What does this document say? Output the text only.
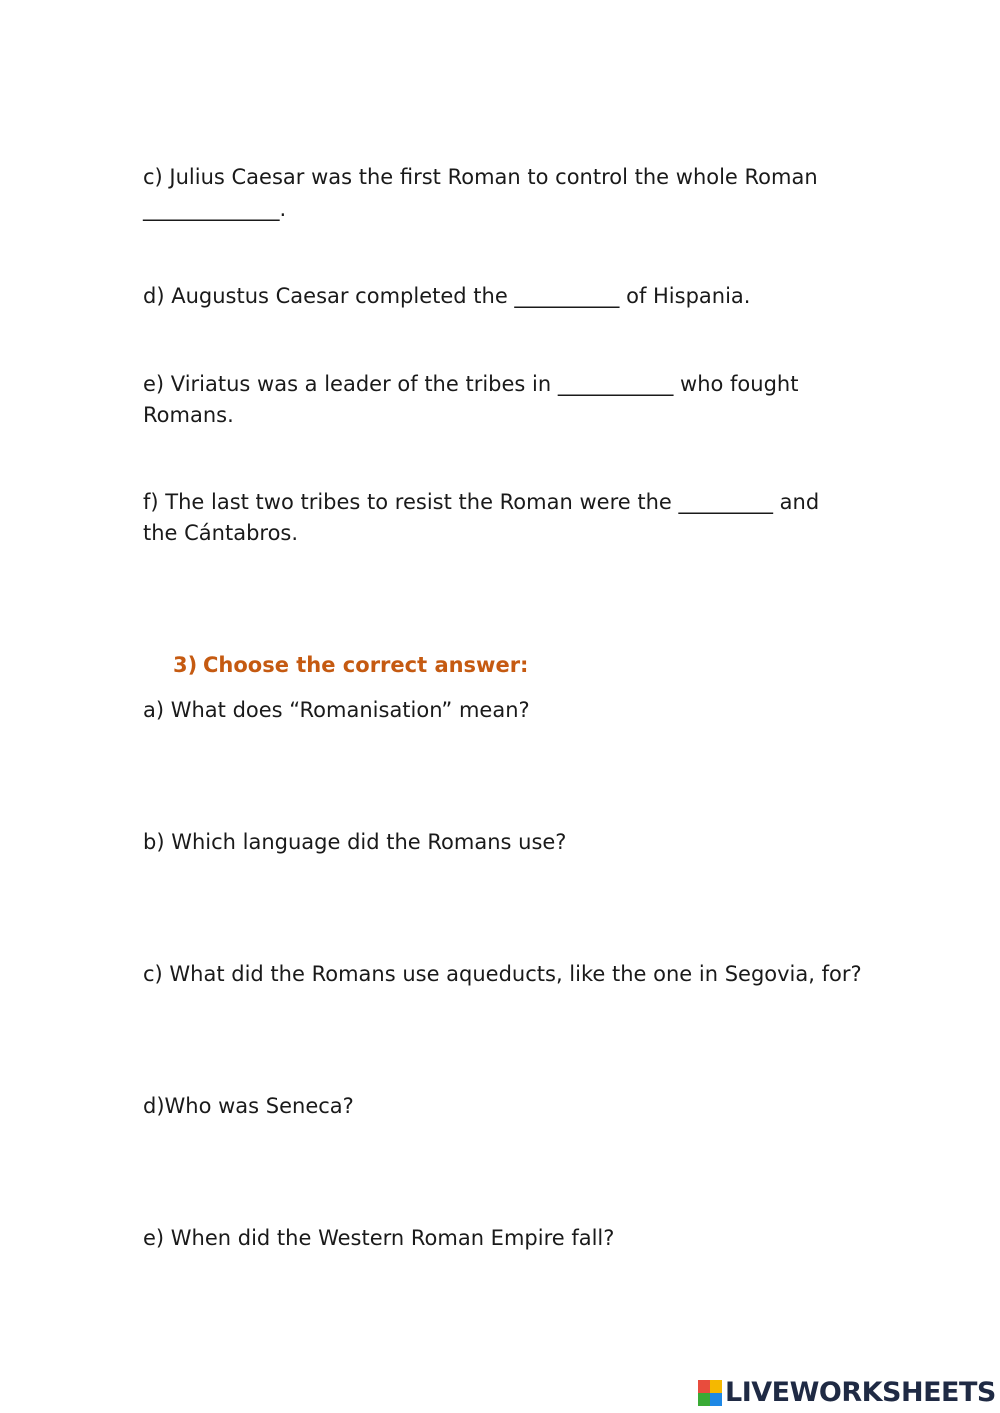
c) Julius Caesar was the first Roman to control the whole Roman

_____________.

d) Augustus Caesar completed the __________ of Hispania.

e) Viriatus was a leader of the tribes in ___________ who fought

Romans.

f) The last two tribes to resist the Roman were the _________ and

the Cántabros.

3) Choose the correct answer:

a) What does “Romanisation” mean?

b) Which language did the Romans use?

c) What did the Romans use aqueducts, like the one in Segovia, for?

d)Who was Seneca?

e) When did the Western Roman Empire fall?

LIVEWORKSHEETS
